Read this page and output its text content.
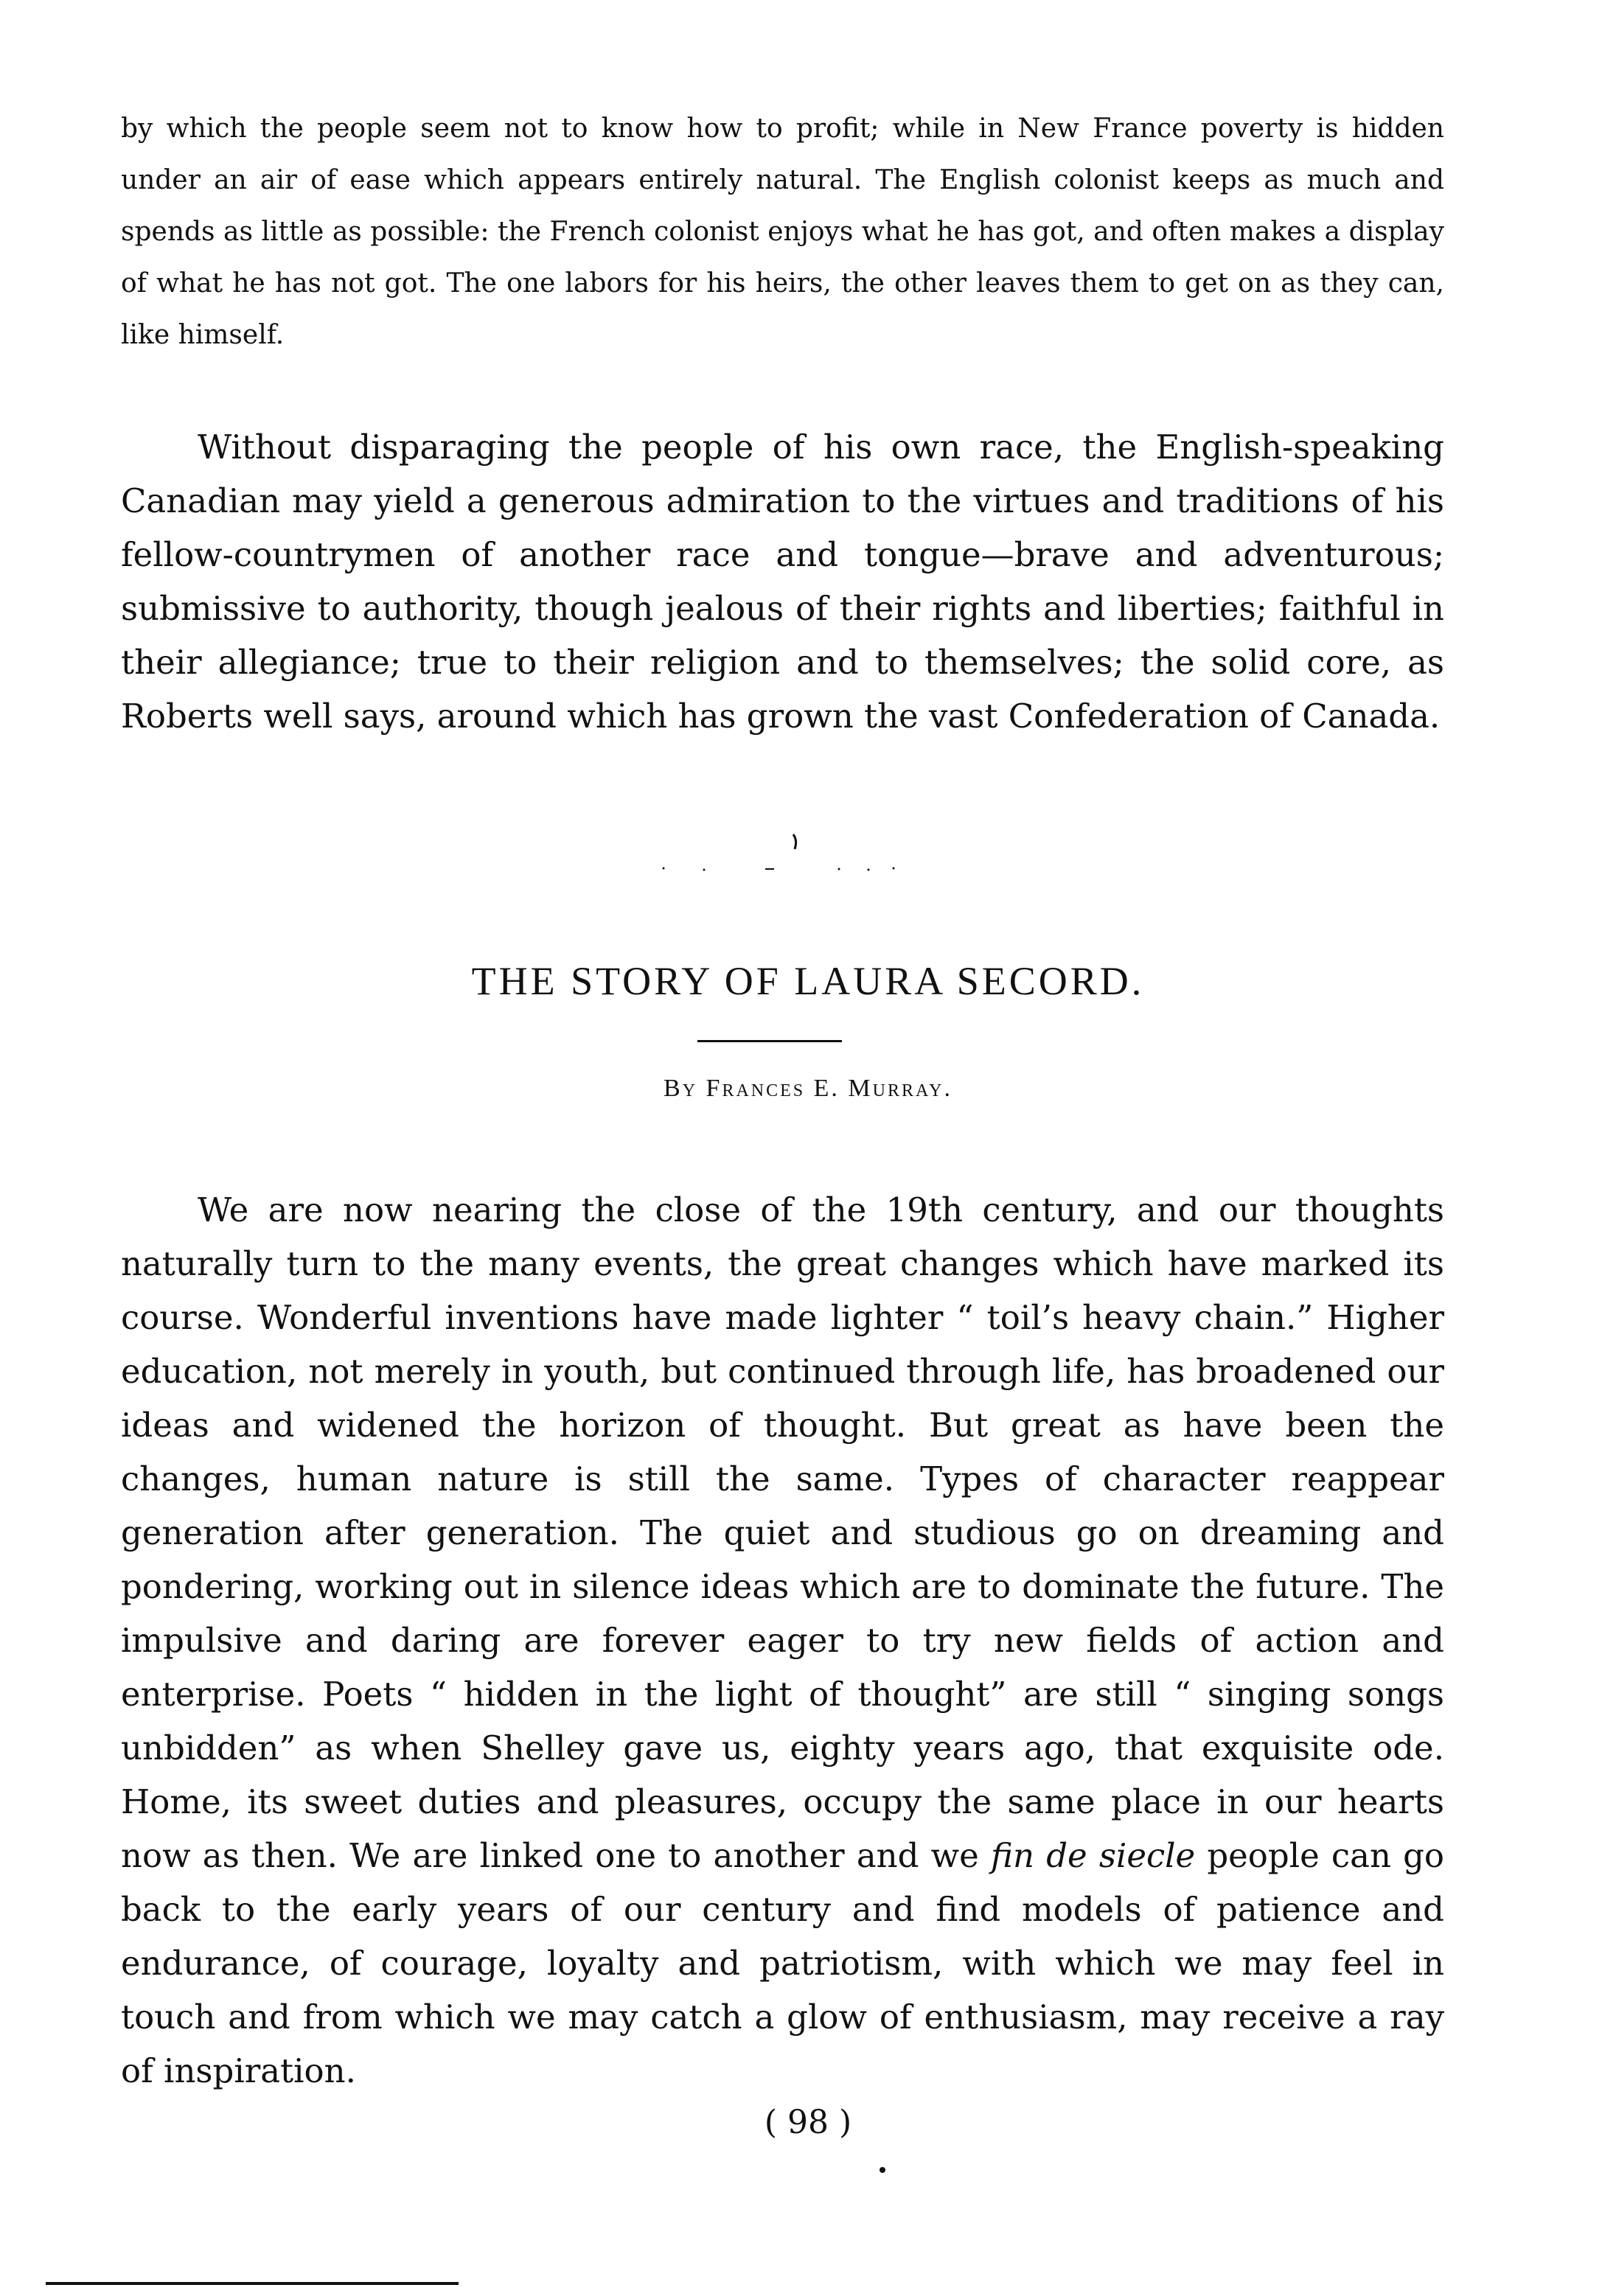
by which the people seem not to know how to profit; while in New France poverty is hidden under an air of ease which appears entirely natural. The English colonist keeps as much and spends as little as possible: the French colonist enjoys what he has got, and often makes a display of what he has not got. The one labors for his heirs, the other leaves them to get on as they can, like himself.

Without disparaging the people of his own race, the English-speaking Canadian may yield a generous admiration to the virtues and traditions of his fellow-countrymen of another race and tongue—brave and adventurous; submissive to authority, though jealous of their rights and liberties; faithful in their allegiance; true to their religion and to themselves; the solid core, as Roberts well says, around which has grown the vast Confederation of Canada.

THE STORY OF LAURA SECORD.
By Frances E. Murray.

We are now nearing the close of the 19th century, and our thoughts naturally turn to the many events, the great changes which have marked its course. Wonderful inventions have made lighter “ toil’s heavy chain.” Higher education, not merely in youth, but continued through life, has broadened our ideas and widened the horizon of thought. But great as have been the changes, human nature is still the same. Types of character reappear generation after generation. The quiet and studious go on dreaming and pondering, working out in silence ideas which are to dominate the future. The impulsive and daring are forever eager to try new fields of action and enterprise. Poets “ hidden in the light of thought” are still “ singing songs unbidden” as when Shelley gave us, eighty years ago, that exquisite ode. Home, its sweet duties and pleasures, occupy the same place in our hearts now as then. We are linked one to another and we fin de siecle people can go back to the early years of our century and find models of patience and endurance, of courage, loyalty and patriotism, with which we may feel in touch and from which we may catch a glow of enthusiasm, may receive a ray of inspiration.

( 98 )
